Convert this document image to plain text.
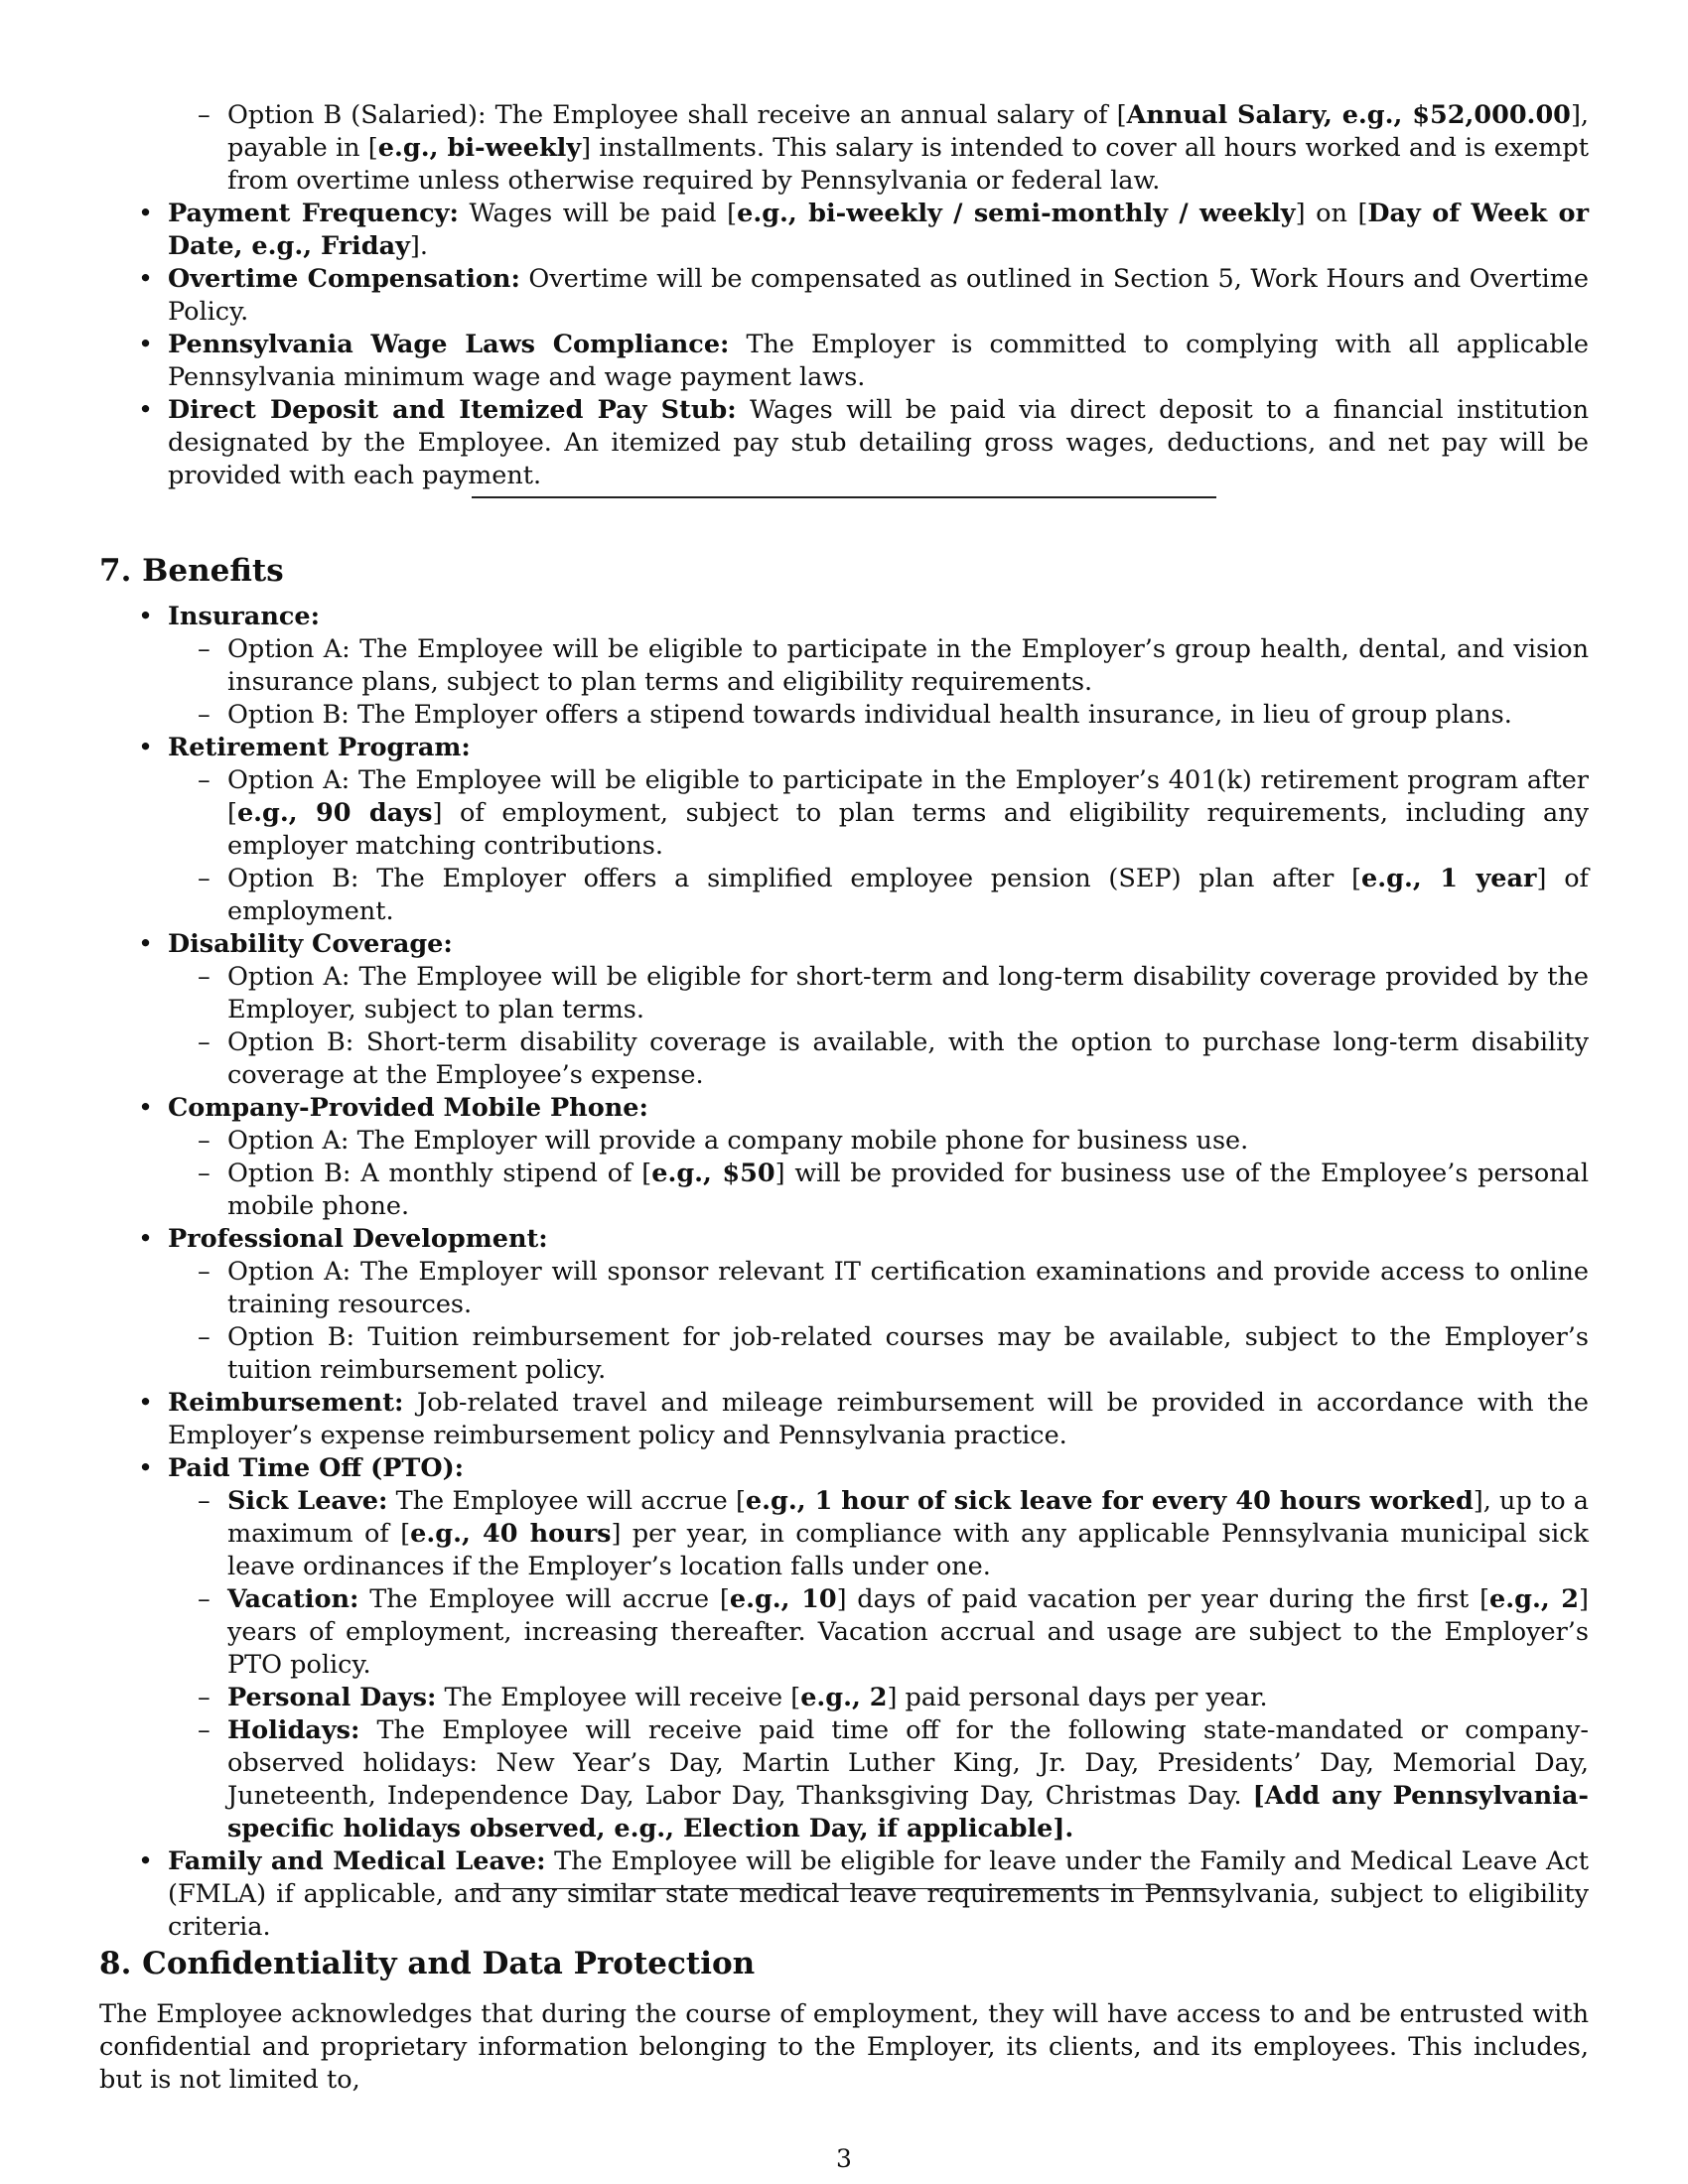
– Option B (Salaried): The Employee shall receive an annual salary of [Annual Salary, e.g., $52,000.00], payable in [e.g., bi-weekly] installments. This salary is intended to cover all hours worked and is exempt from overtime unless otherwise required by Pennsylvania or federal law.
• Payment Frequency: Wages will be paid [e.g., bi-weekly / semi-monthly / weekly] on [Day of Week or Date, e.g., Friday].
• Overtime Compensation: Overtime will be compensated as outlined in Section 5, Work Hours and Overtime Policy.
• Pennsylvania Wage Laws Compliance: The Employer is committed to complying with all applicable Pennsylvania minimum wage and wage payment laws.
• Direct Deposit and Itemized Pay Stub: Wages will be paid via direct deposit to a financial institution designated by the Employee. An itemized pay stub detailing gross wages, deductions, and net pay will be provided with each payment.
7. Benefits
• Insurance:
– Option A: The Employee will be eligible to participate in the Employer’s group health, dental, and vision insurance plans, subject to plan terms and eligibility requirements.
– Option B: The Employer offers a stipend towards individual health insurance, in lieu of group plans.
• Retirement Program:
– Option A: The Employee will be eligible to participate in the Employer’s 401(k) retirement program after [e.g., 90 days] of employment, subject to plan terms and eligibility requirements, including any employer matching contributions.
– Option B: The Employer offers a simplified employee pension (SEP) plan after [e.g., 1 year] of employment.
• Disability Coverage:
– Option A: The Employee will be eligible for short-term and long-term disability coverage provided by the Employer, subject to plan terms.
– Option B: Short-term disability coverage is available, with the option to purchase long-term disability coverage at the Employee’s expense.
• Company-Provided Mobile Phone:
– Option A: The Employer will provide a company mobile phone for business use.
– Option B: A monthly stipend of [e.g., $50] will be provided for business use of the Employee’s personal mobile phone.
• Professional Development:
– Option A: The Employer will sponsor relevant IT certification examinations and provide access to online training resources.
– Option B: Tuition reimbursement for job-related courses may be available, subject to the Employer’s tuition reimbursement policy.
• Reimbursement: Job-related travel and mileage reimbursement will be provided in accordance with the Employer’s expense reimbursement policy and Pennsylvania practice.
• Paid Time Off (PTO):
– Sick Leave: The Employee will accrue [e.g., 1 hour of sick leave for every 40 hours worked], up to a maximum of [e.g., 40 hours] per year, in compliance with any applicable Pennsylvania municipal sick leave ordinances if the Employer’s location falls under one.
– Vacation: The Employee will accrue [e.g., 10] days of paid vacation per year during the first [e.g., 2] years of employment, increasing thereafter. Vacation accrual and usage are subject to the Employer’s PTO policy.
– Personal Days: The Employee will receive [e.g., 2] paid personal days per year.
– Holidays: The Employee will receive paid time off for the following state-mandated or company-observed holidays: New Year’s Day, Martin Luther King, Jr. Day, Presidents’ Day, Memorial Day, Juneteenth, Independence Day, Labor Day, Thanksgiving Day, Christmas Day. [Add any Pennsylvania-specific holidays observed, e.g., Election Day, if applicable].
• Family and Medical Leave: The Employee will be eligible for leave under the Family and Medical Leave Act (FMLA) if applicable, and any similar state medical leave requirements in Pennsylvania, subject to eligibility criteria.
8. Confidentiality and Data Protection
The Employee acknowledges that during the course of employment, they will have access to and be entrusted with confidential and proprietary information belonging to the Employer, its clients, and its employees. This includes, but is not limited to,
3
